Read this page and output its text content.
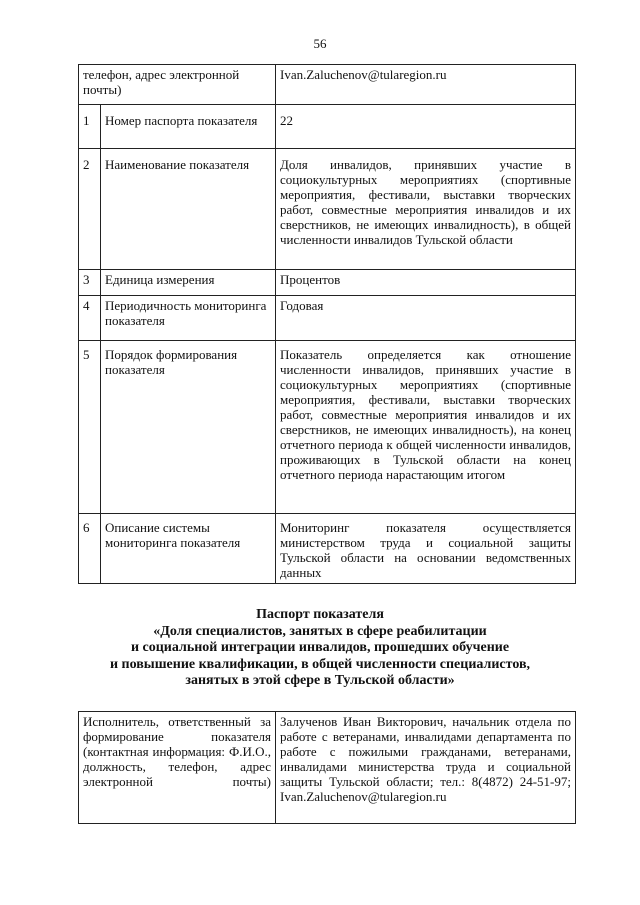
56
телефон, адрес электронной почты)		Ivan.Zaluchenov@tularegion.ru
1	Номер паспорта показателя	22
2	Наименование показателя	Доля инвалидов, принявших участие в социокультурных мероприятиях (спортивные мероприятия, фестивали, выставки творческих работ, совместные мероприятия инвалидов и их сверстников, не имеющих инвалидность), в общей численности инвалидов Тульской области
3	Единица измерения	Процентов
4	Периодичность мониторинга показателя	Годовая
5	Порядок формирования показателя	Показатель определяется как отношение численности инвалидов, принявших участие в социокультурных мероприятиях (спортивные мероприятия, фестивали, выставки творческих работ, совместные мероприятия инвалидов и их сверстников, не имеющих инвалидность), на конец отчетного периода к общей численности инвалидов, проживающих в Тульской области на конец отчетного периода нарастающим итогом
6	Описание системы мониторинга показателя	Мониторинг показателя осуществляется министерством труда и социальной защиты Тульской области на основании ведомственных данных
Паспорт показателя
«Доля специалистов, занятых в сфере реабилитации
и социальной интеграции инвалидов, прошедших обучение
и повышение квалификации, в общей численности специалистов,
занятых в этой сфере в Тульской области»
Исполнитель, ответственный за формирование показателя (контактная информация: Ф.И.О., должность, телефон, адрес электронной почты)	Залученов Иван Викторович, начальник отдела по работе с ветеранами, инвалидами департамента по работе с пожилыми гражданами, ветеранами, инвалидами министерства труда и социальной защиты Тульской области; тел.: 8(4872) 24-51-97; Ivan.Zaluchenov@tularegion.ru
